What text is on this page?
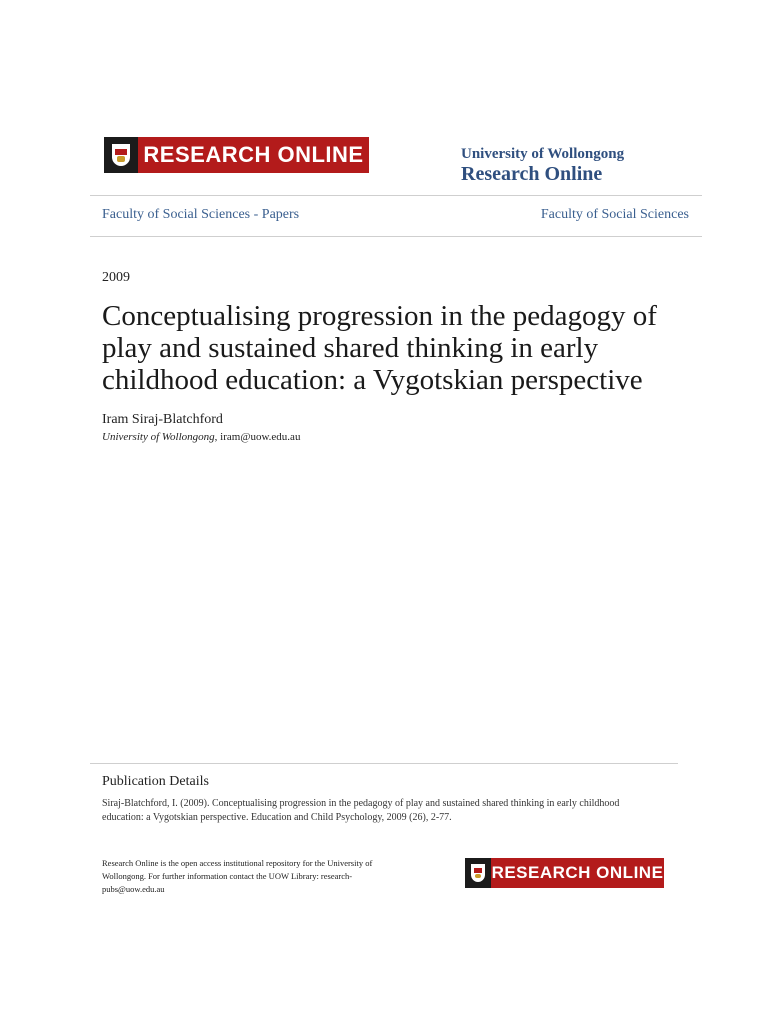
RESEARCH ONLINE	University of Wollongong
Research Online
Faculty of Social Sciences - Papers	Faculty of Social Sciences
2009
Conceptualising progression in the pedagogy of play and sustained shared thinking in early childhood education: a Vygotskian perspective
Iram Siraj-Blatchford
University of Wollongong, iram@uow.edu.au
Publication Details
Siraj-Blatchford, I. (2009). Conceptualising progression in the pedagogy of play and sustained shared thinking in early childhood education: a Vygotskian perspective. Education and Child Psychology, 2009 (26), 2-77.
Research Online is the open access institutional repository for the University of Wollongong. For further information contact the UOW Library: research-pubs@uow.edu.au
RESEARCH ONLINE
